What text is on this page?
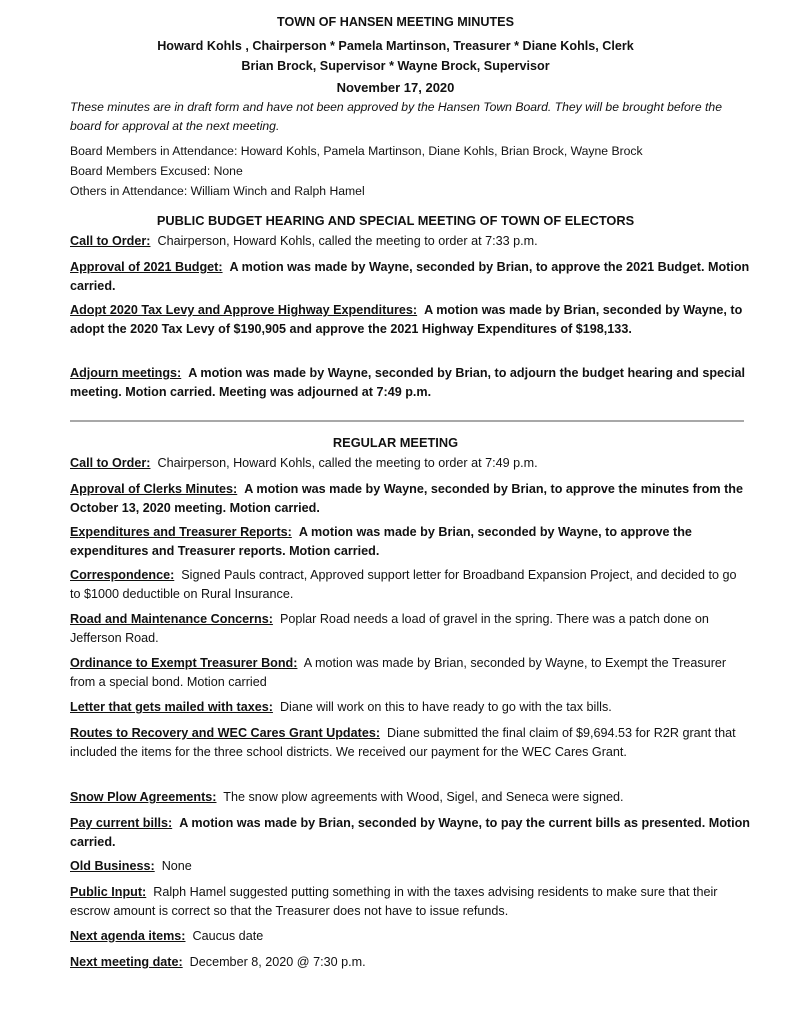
TOWN OF HANSEN MEETING MINUTES
Howard Kohls , Chairperson * Pamela Martinson, Treasurer * Diane Kohls, Clerk
Brian Brock, Supervisor * Wayne Brock, Supervisor
November 17, 2020
These minutes are in draft form and have not been approved by the Hansen Town Board. They will be brought before the board for approval at the next meeting.
Board Members in Attendance: Howard Kohls, Pamela Martinson, Diane Kohls, Brian Brock, Wayne Brock
Board Members Excused: None
Others in Attendance: William Winch and Ralph Hamel
PUBLIC BUDGET HEARING AND SPECIAL MEETING OF TOWN OF ELECTORS
Call to Order: Chairperson, Howard Kohls, called the meeting to order at 7:33 p.m.
Approval of 2021 Budget: A motion was made by Wayne, seconded by Brian, to approve the 2021 Budget. Motion carried.
Adopt 2020 Tax Levy and Approve Highway Expenditures: A motion was made by Brian, seconded by Wayne, to adopt the 2020 Tax Levy of $190,905 and approve the 2021 Highway Expenditures of $198,133.
Adjourn meetings: A motion was made by Wayne, seconded by Brian, to adjourn the budget hearing and special meeting. Motion carried. Meeting was adjourned at 7:49 p.m.
REGULAR MEETING
Call to Order: Chairperson, Howard Kohls, called the meeting to order at 7:49 p.m.
Approval of Clerks Minutes: A motion was made by Wayne, seconded by Brian, to approve the minutes from the October 13, 2020 meeting. Motion carried.
Expenditures and Treasurer Reports: A motion was made by Brian, seconded by Wayne, to approve the expenditures and Treasurer reports. Motion carried.
Correspondence: Signed Pauls contract, Approved support letter for Broadband Expansion Project, and decided to go to $1000 deductible on Rural Insurance.
Road and Maintenance Concerns: Poplar Road needs a load of gravel in the spring. There was a patch done on Jefferson Road.
Ordinance to Exempt Treasurer Bond: A motion was made by Brian, seconded by Wayne, to Exempt the Treasurer from a special bond. Motion carried
Letter that gets mailed with taxes: Diane will work on this to have ready to go with the tax bills.
Routes to Recovery and WEC Cares Grant Updates: Diane submitted the final claim of $9,694.53 for R2R grant that included the items for the three school districts. We received our payment for the WEC Cares Grant.
Snow Plow Agreements: The snow plow agreements with Wood, Sigel, and Seneca were signed.
Pay current bills: A motion was made by Brian, seconded by Wayne, to pay the current bills as presented. Motion carried.
Old Business: None
Public Input: Ralph Hamel suggested putting something in with the taxes advising residents to make sure that their escrow amount is correct so that the Treasurer does not have to issue refunds.
Next agenda items: Caucus date
Next meeting date: December 8, 2020 @ 7:30 p.m.
